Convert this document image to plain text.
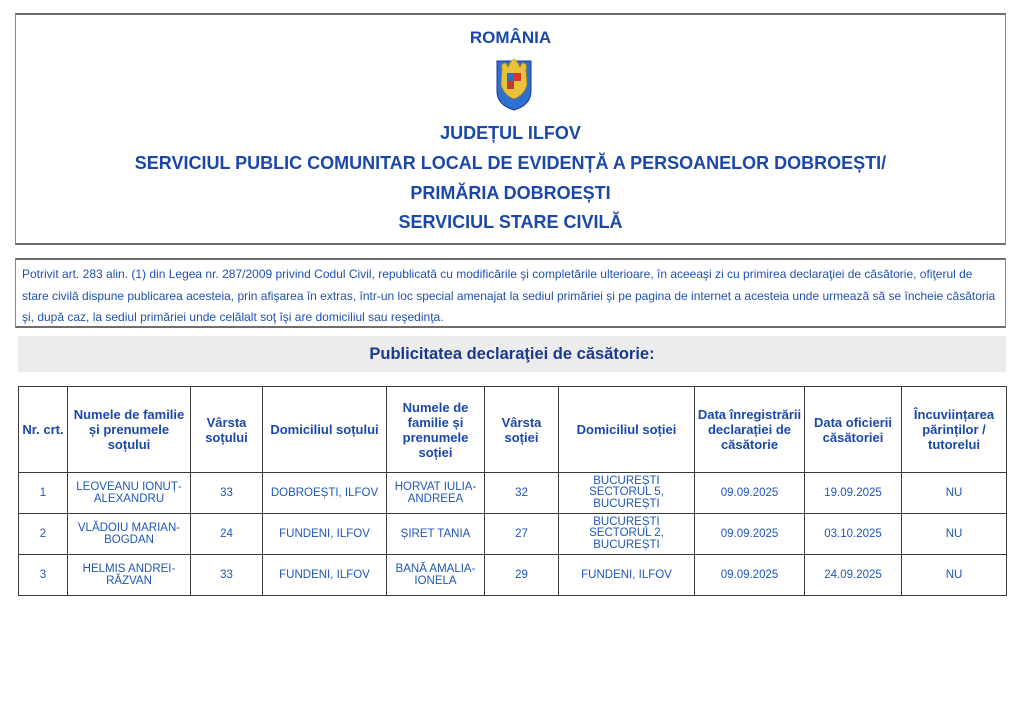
ROMÂNIA
JUDEȚUL ILFOV
SERVICIUL PUBLIC COMUNITAR LOCAL DE EVIDENȚĂ A PERSOANELOR DOBROEȘTI/
PRIMĂRIA DOBROEȘTI
SERVICIUL STARE CIVILĂ
Potrivit art. 283 alin. (1) din Legea nr. 287/2009 privind Codul Civil, republicată cu modificările şi completările ulterioare, în aceeaşi zi cu primirea declaraţiei de căsătorie, ofiţerul de stare civilă dispune publicarea acesteia, prin afişarea în extras, într-un loc special amenajat la sediul primăriei şi pe pagina de internet a acesteia unde urmează să se încheie căsătoria şi, după caz, la sediul primăriei unde celălalt soţ îşi are domiciliul sau reşedinţa.
Publicitatea declaraţiei de căsătorie:
Nr. crt.	Numele de familie și prenumele soțului	Vârsta soțului	Domiciliul soțului	Numele de familie și prenumele soției	Vârsta soției	Domiciliul soției	Data înregistrării declarației de căsătorie	Data oficierii căsătoriei	Încuviințarea părinților / tutorelui
1	LEOVEANU IONUȚ-ALEXANDRU	33	DOBROEȘTI, ILFOV	HORVAT IULIA-ANDREEA	32	BUCUREȘTI SECTORUL 5, BUCUREȘTI	09.09.2025	19.09.2025	NU
2	VLĂDOIU MARIAN-BOGDAN	24	FUNDENI, ILFOV	ȘIRET TANIA	27	BUCUREȘTI SECTORUL 2, BUCUREȘTI	09.09.2025	03.10.2025	NU
3	HELMIS ANDREI-RĂZVAN	33	FUNDENI, ILFOV	BANĂ AMALIA-IONELA	29	FUNDENI, ILFOV	09.09.2025	24.09.2025	NU
